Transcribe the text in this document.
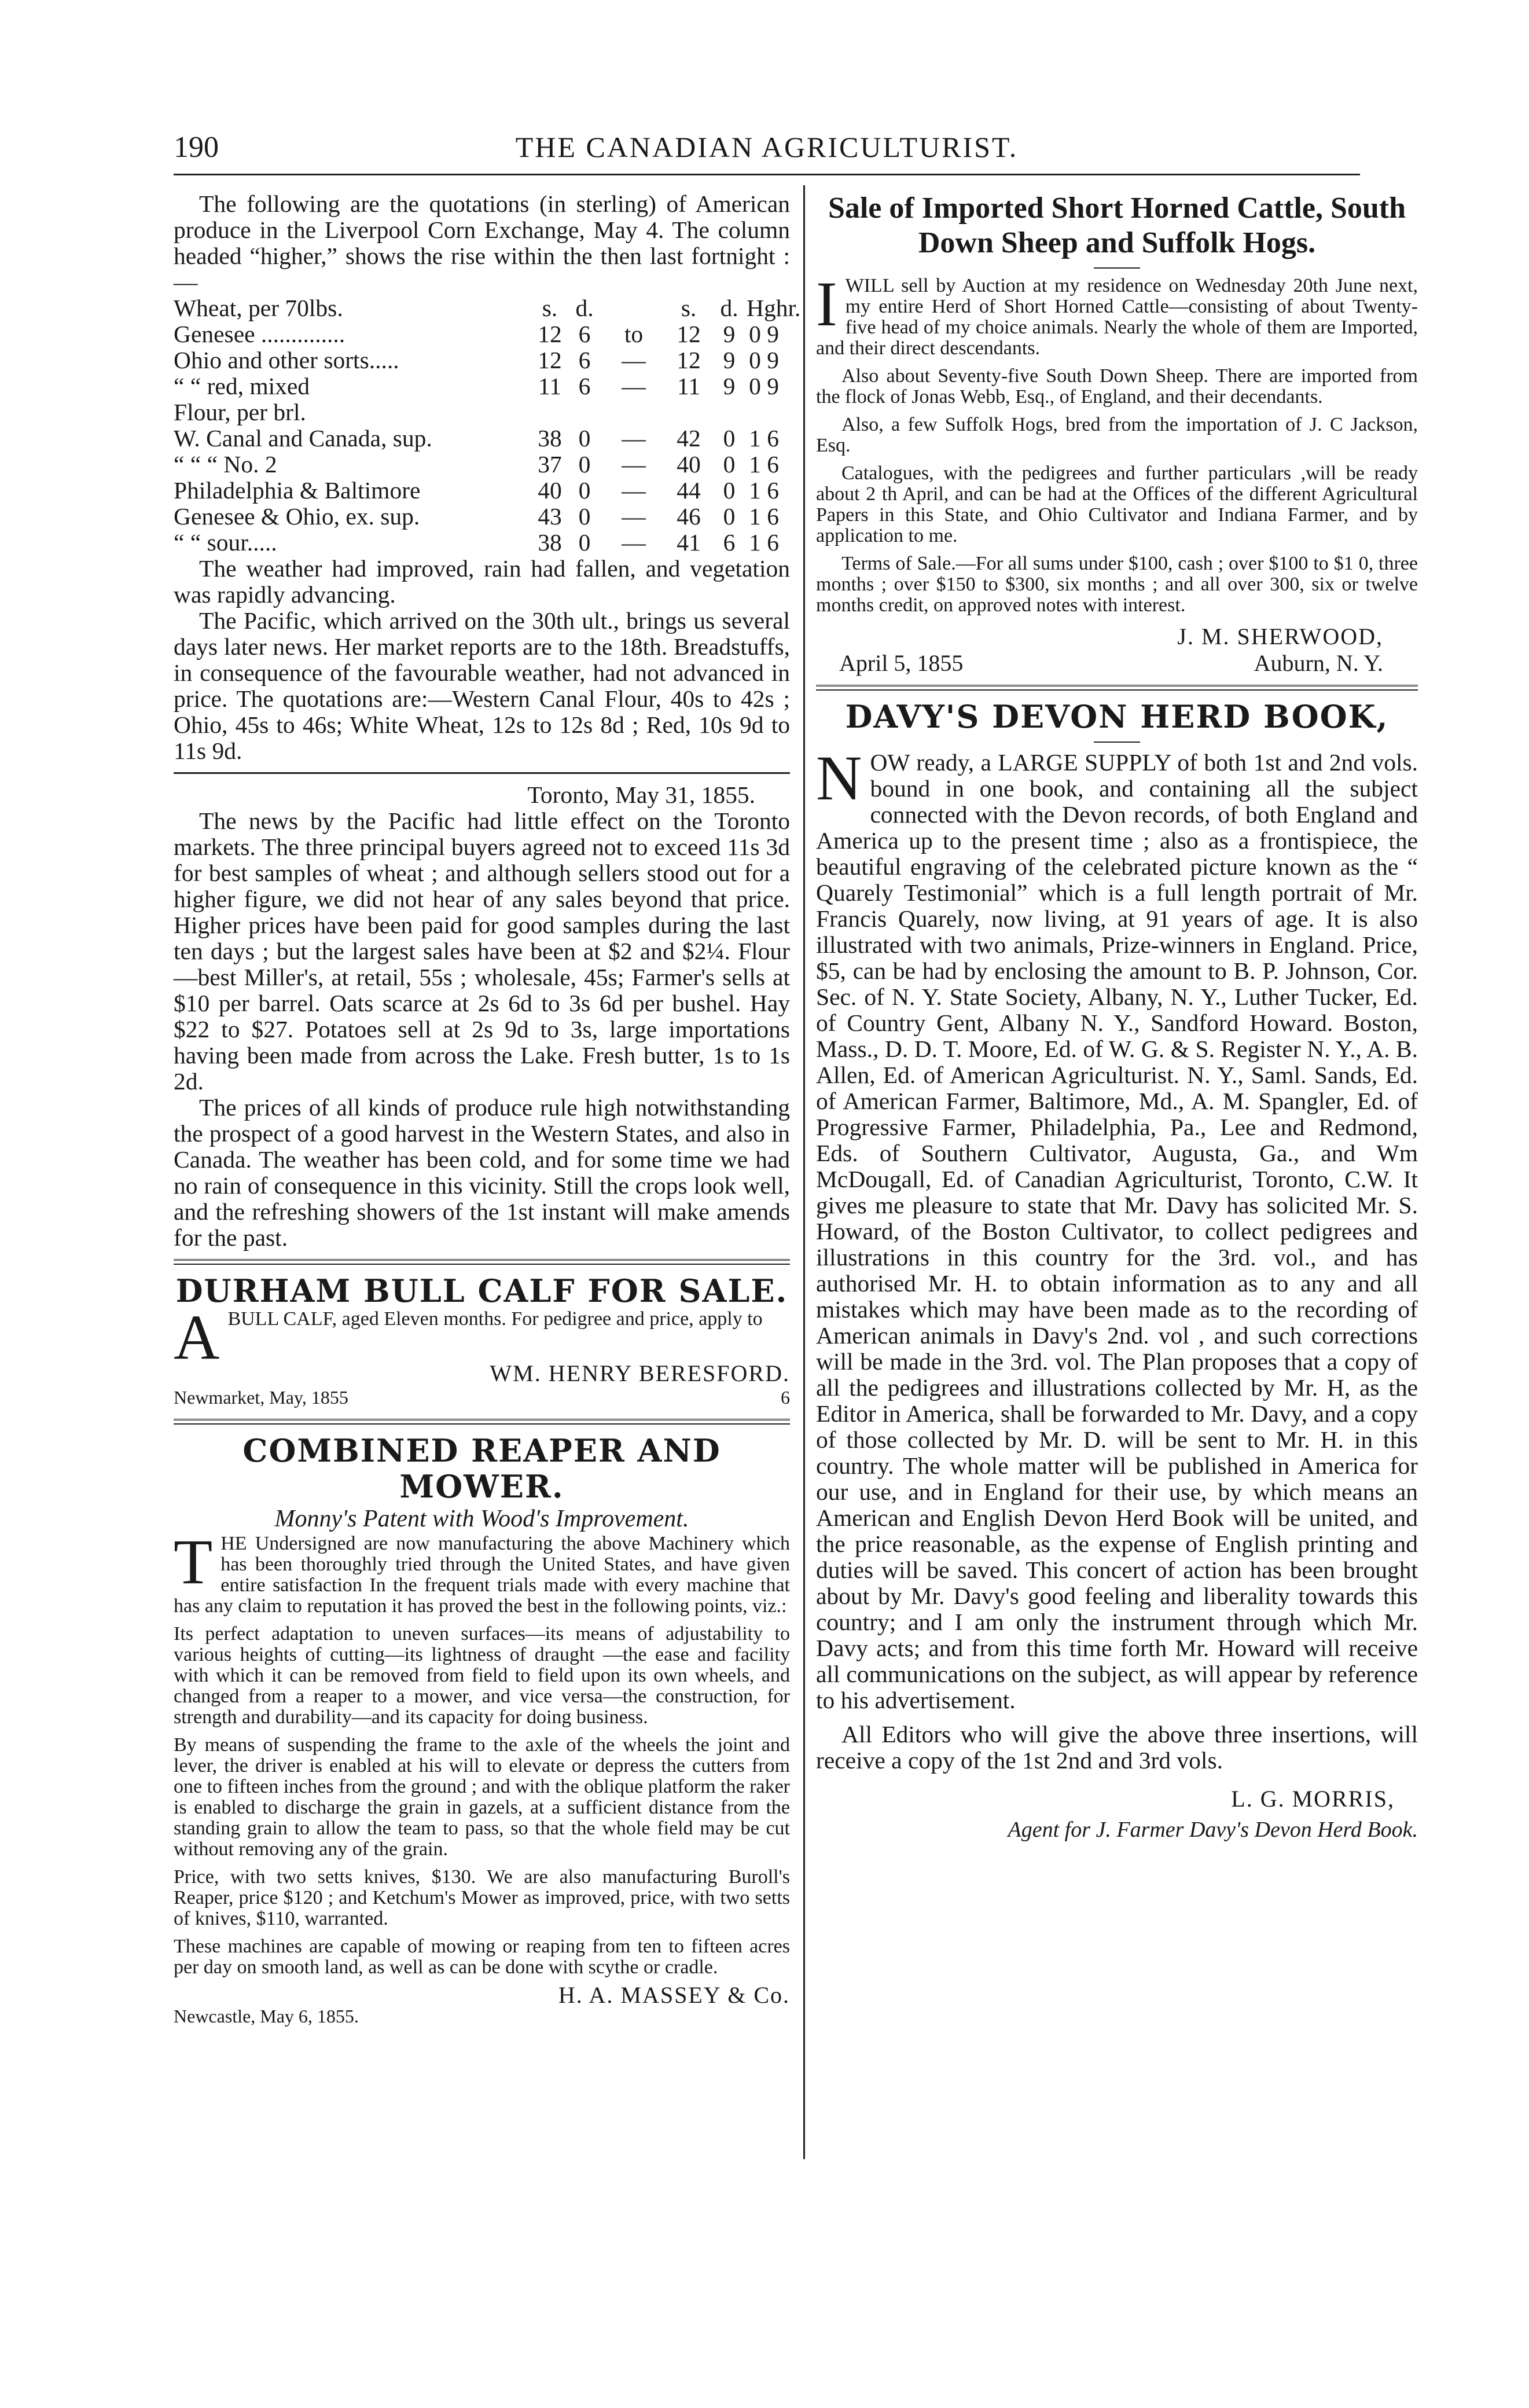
190	THE CANADIAN AGRICULTURIST.

The following are the quotations (in sterling) of American produce in the Liverpool Corn Exchange, May 4. The column headed “higher,” shows the rise within the then last fortnight :—

Wheat, per 70lbs.	s. d.	s. d. Hghr.
Genesee ..............	12 6	to	12 9 0 9
Ohio and other sorts.....	12 6	—	12 9 0 9
“ “ red, mixed	11 6	—	11 9 0 9
Flour, per brl.
W. Canal and Canada, sup.	38 0	—	42 0 1 6
“ “ “ No. 2	37 0	—	40 0 1 6
Philadelphia & Baltimore	40 0	—	44 0 1 6
Genesee & Ohio, ex. sup.	43 0	—	46 0 1 6
“ “ sour.....	38 0	—	41 6 1 6

The weather had improved, rain had fallen, and vegetation was rapidly advancing.

The Pacific, which arrived on the 30th ult., brings us several days later news. Her market reports are to the 18th. Breadstuffs, in consequence of the favourable weather, had not advanced in price. The quotations are:—Western Canal Flour, 40s to 42s ; Ohio, 45s to 46s; White Wheat, 12s to 12s 8d ; Red, 10s 9d to 11s 9d.

Toronto, May 31, 1855.

The news by the Pacific had little effect on the Toronto markets. The three principal buyers agreed not to exceed 11s 3d for best samples of wheat ; and although sellers stood out for a higher figure, we did not hear of any sales beyond that price. Higher prices have been paid for good samples during the last ten days ; but the largest sales have been at $2 and $2¼. Flour—best Miller's, at retail, 55s ; wholesale, 45s; Farmer's sells at $10 per barrel. Oats scarce at 2s 6d to 3s 6d per bushel. Hay $22 to $27. Potatoes sell at 2s 9d to 3s, large importations having been made from across the Lake. Fresh butter, 1s to 1s 2d.

The prices of all kinds of produce rule high notwithstanding the prospect of a good harvest in the Western States, and also in Canada. The weather has been cold, and for some time we had no rain of consequence in this vicinity. Still the crops look well, and the refreshing showers of the 1st instant will make amends for the past.

DURHAM BULL CALF FOR SALE.
A BULL CALF, aged Eleven months. For pedigree and price, apply to

WM. HENRY BERESFORD.
Newmarket, May, 1855	6
COMBINED REAPER AND MOWER.
Monny's Patent with Wood's Improvement.
T HE Undersigned are now manufacturing the above Machinery which has been thoroughly tried through the United States, and have given entire satisfaction In the frequent trials made with every machine that has any claim to reputation it has proved the best in the following points, viz.:

Its perfect adaptation to uneven surfaces—its means of adjustability to various heights of cutting—its lightness of draught —the ease and facility with which it can be removed from field to field upon its own wheels, and changed from a reaper to a mower, and vice versa—the construction, for strength and durability—and its capacity for doing business.

By means of suspending the frame to the axle of the wheels the joint and lever, the driver is enabled at his will to elevate or depress the cutters from one to fifteen inches from the ground ; and with the oblique platform the raker is enabled to discharge the grain in gazels, at a sufficient distance from the standing grain to allow the team to pass, so that the whole field may be cut without removing any of the grain.

Price, with two setts knives, $130. We are also manufacturing Buroll's Reaper, price $120 ; and Ketchum's Mower as improved, price, with two setts of knives, $110, warranted.

These machines are capable of mowing or reaping from ten to fifteen acres per day on smooth land, as well as can be done with scythe or cradle.

H. A. MASSEY & Co.
Newcastle, May 6, 1855.
Sale of Imported Short Horned Cattle, South Down Sheep and Suffolk Hogs.
I WILL sell by Auction at my residence on Wednesday 20th June next, my entire Herd of Short Horned Cattle—consisting of about Twenty-five head of my choice animals. Nearly the whole of them are Imported, and their direct descendants.

Also about Seventy-five South Down Sheep. There are imported from the flock of Jonas Webb, Esq., of England, and their decendants.

Also, a few Suffolk Hogs, bred from the importation of J. C Jackson, Esq.

Catalogues, with the pedigrees and further particulars ,will be ready about 2 th April, and can be had at the Offices of the different Agricultural Papers in this State, and Ohio Cultivator and Indiana Farmer, and by application to me.

Terms of Sale.—For all sums under $100, cash ; over $100 to $1 0, three months ; over $150 to $300, six months ; and all over 300, six or twelve months credit, on approved notes with interest.

J. M. SHERWOOD,
April 5, 1855	Auburn, N. Y.
DAVY'S DEVON HERD BOOK,
N OW ready, a LARGE SUPPLY of both 1st and 2nd vols. bound in one book, and containing all the subject connected with the Devon records, of both England and America up to the present time ; also as a frontispiece, the beautiful engraving of the celebrated picture known as the “ Quarely Testimonial” which is a full length portrait of Mr. Francis Quarely, now living, at 91 years of age. It is also illustrated with two animals, Prize-winners in England. Price, $5, can be had by enclosing the amount to B. P. Johnson, Cor. Sec. of N. Y. State Society, Albany, N. Y., Luther Tucker, Ed. of Country Gent, Albany N. Y., Sandford Howard. Boston, Mass., D. D. T. Moore, Ed. of W. G. & S. Register N. Y., A. B. Allen, Ed. of American Agriculturist. N. Y., Saml. Sands, Ed. of American Farmer, Baltimore, Md., A. M. Spangler, Ed. of Progressive Farmer, Philadelphia, Pa., Lee and Redmond, Eds. of Southern Cultivator, Augusta, Ga., and Wm McDougall, Ed. of Canadian Agriculturist, Toronto, C.W. It gives me pleasure to state that Mr. Davy has solicited Mr. S. Howard, of the Boston Cultivator, to collect pedigrees and illustrations in this country for the 3rd. vol., and has authorised Mr. H. to obtain information as to any and all mistakes which may have been made as to the recording of American animals in Davy's 2nd. vol , and such corrections will be made in the 3rd. vol. The Plan proposes that a copy of all the pedigrees and illustrations collected by Mr. H, as the Editor in America, shall be forwarded to Mr. Davy, and a copy of those collected by Mr. D. will be sent to Mr. H. in this country. The whole matter will be published in America for our use, and in England for their use, by which means an American and English Devon Herd Book will be united, and the price reasonable, as the expense of English printing and duties will be saved. This concert of action has been brought about by Mr. Davy's good feeling and liberality towards this country; and I am only the instrument through which Mr. Davy acts; and from this time forth Mr. Howard will receive all communications on the subject, as will appear by reference to his advertisement.

All Editors who will give the above three insertions, will receive a copy of the 1st 2nd and 3rd vols.

L. G. MORRIS,
Agent for J. Farmer Davy's Devon Herd Book.
